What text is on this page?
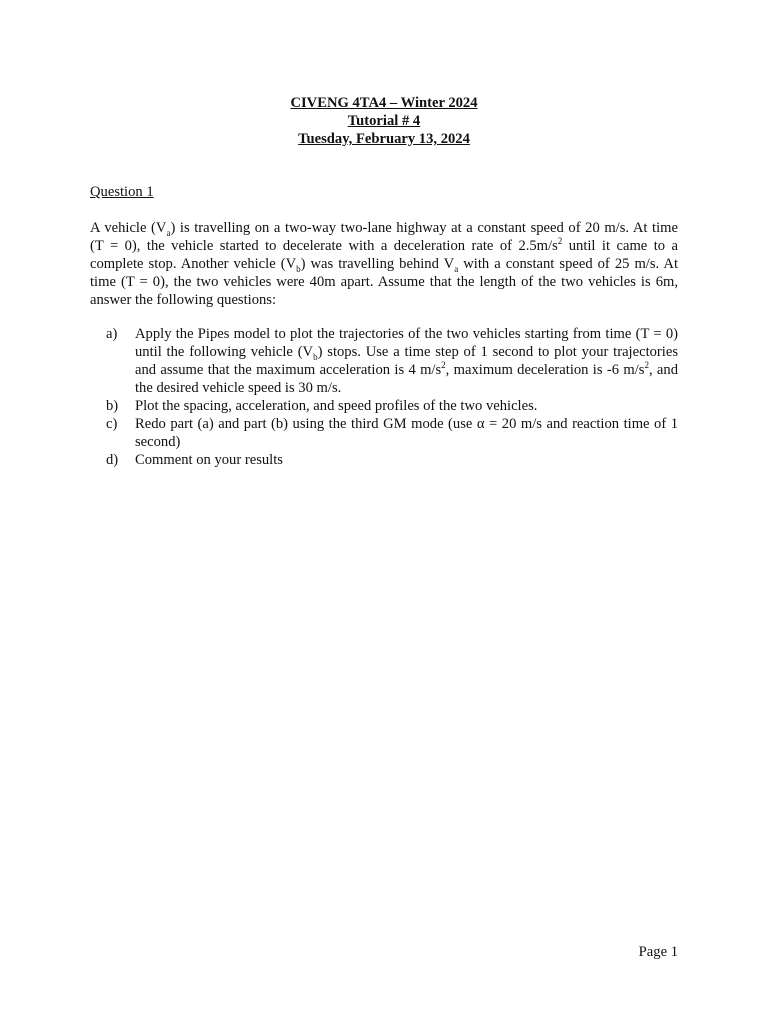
CIVENG 4TA4 – Winter 2024
Tutorial # 4
Tuesday, February 13, 2024
Question 1
A vehicle $(V_a)$ is travelling on a two-way two-lane highway at a constant speed of 20 m/s. At time (T = 0), the vehicle started to decelerate with a deceleration rate of $2.5m/s^2$ until it came to a complete stop. Another vehicle $(V_b)$ was travelling behind $V_a$ with a constant speed of 25 m/s. At time (T = 0), the two vehicles were 40m apart. Assume that the length of the two vehicles is 6m, answer the following questions:
a) Apply the Pipes model to plot the trajectories of the two vehicles starting from time (T = 0) until the following vehicle $(V_b)$ stops. Use a time step of 1 second to plot your trajectories and assume that the maximum acceleration is 4 $m/s^2$, maximum deceleration is -6 $m/s^2$, and the desired vehicle speed is 30 m/s.
b) Plot the spacing, acceleration, and speed profiles of the two vehicles.
c) Redo part (a) and part (b) using the third GM mode (use α = 20 m/s and reaction time of 1 second)
d) Comment on your results
Page 1
